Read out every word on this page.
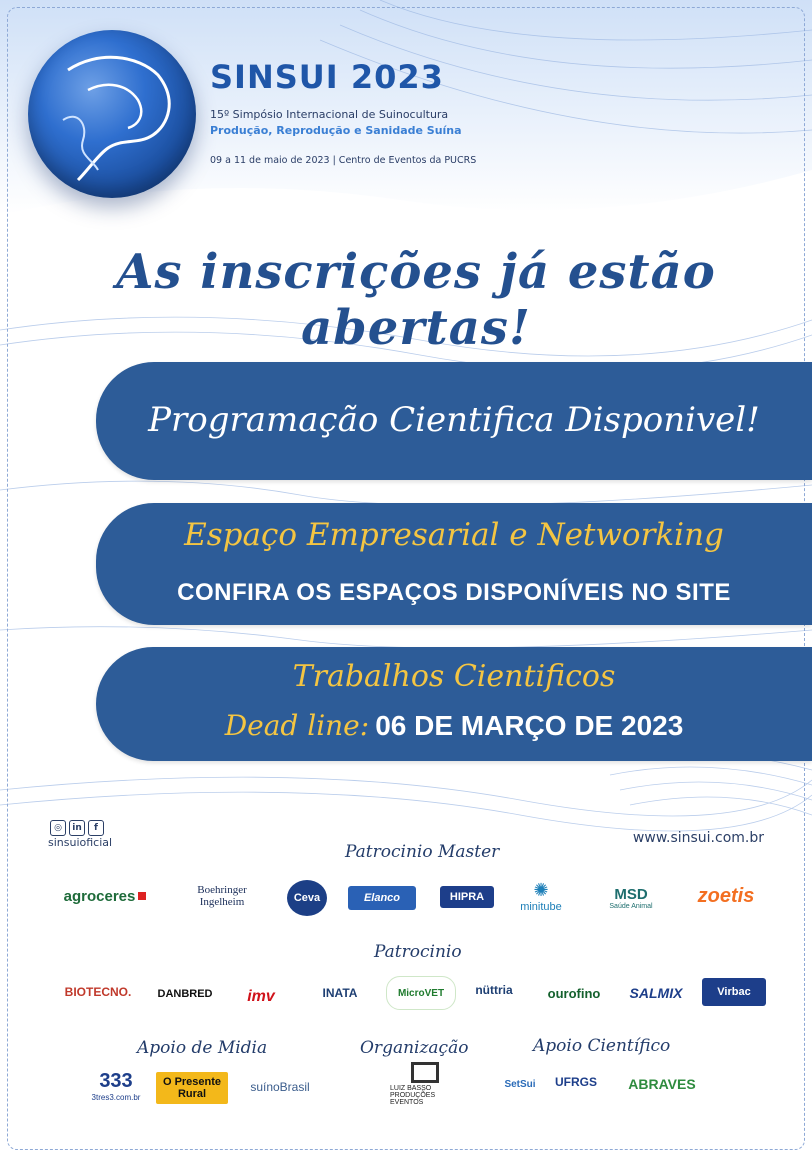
SINSUI 2023
15º Simpósio Internacional de Suinocultura
Produção, Reprodução e Sanidade Suína
09 a 11 de maio de 2023 | Centro de Eventos da PUCRS
As inscrições já estão abertas!
Programação Cientifica Disponivel!
Espaço Empresarial e Networking
CONFIRA OS ESPAÇOS DISPONÍVEIS NO SITE
Trabalhos Cientificos
Dead line: 06 DE MARÇO DE 2023
◎	in	f
sinsuioficial	www.sinsui.com.br
Patrocinio Master
agroceres	Boehringer
Ingelheim	Ceva	Elanco	HIPRA	✺
minitube
MSD
Saúde Animal zoetis
Patrocinio
BIOTECNO. DANBRED imv	INATA	MicroVET	nüttria	ourofino SALMIX	Virbac
Apoio de Midia	Organização	Apoio Científico
333
3tres3.com.br
O Presente
Rural	suínoBrasil	LUIZ BASSO PRODUÇÕES EVENTOS
SetSui UFRGS ABRAVES
